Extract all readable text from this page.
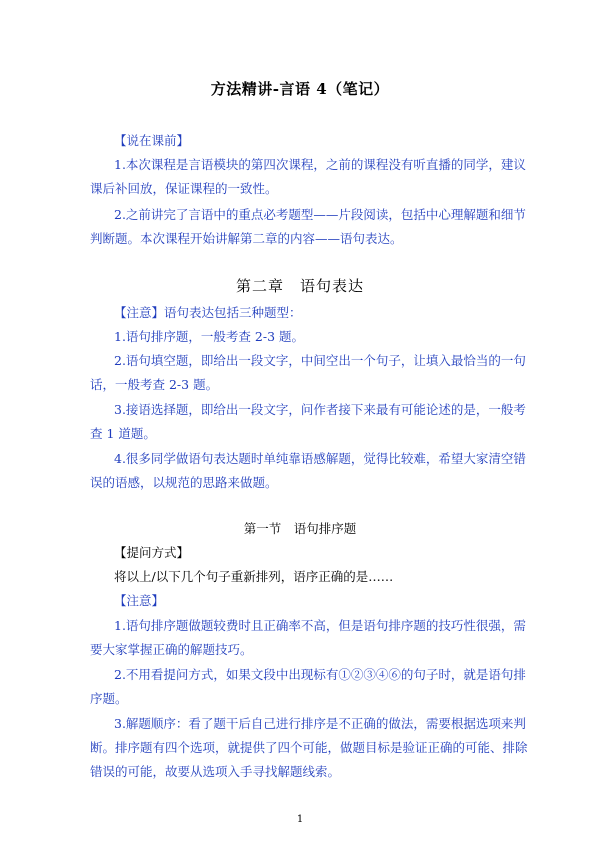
方法精讲-言语 4（笔记）
【说在课前】
1.本次课程是言语模块的第四次课程，之前的课程没有听直播的同学，建议
课后补回放，保证课程的一致性。
2.之前讲完了言语中的重点必考题型——片段阅读，包括中心理解题和细节
判断题。本次课程开始讲解第二章的内容——语句表达。
第二章　语句表达
【注意】语句表达包括三种题型：
1.语句排序题，一般考查 2-3 题。
2.语句填空题，即给出一段文字，中间空出一个句子，让填入最恰当的一句
话，一般考查 2-3 题。
3.接语选择题，即给出一段文字，问作者接下来最有可能论述的是，一般考
查 1 道题。
4.很多同学做语句表达题时单纯靠语感解题，觉得比较难，希望大家清空错
误的语感，以规范的思路来做题。
第一节　语句排序题
【提问方式】
将以上/以下几个句子重新排列，语序正确的是……
【注意】
1.语句排序题做题较费时且正确率不高，但是语句排序题的技巧性很强，需
要大家掌握正确的解题技巧。
2.不用看提问方式，如果文段中出现标有①②③④⑥的句子时，就是语句排
序题。
3.解题顺序：看了题干后自己进行排序是不正确的做法，需要根据选项来判
断。排序题有四个选项，就提供了四个可能，做题目标是验证正确的可能、排除
错误的可能，故要从选项入手寻找解题线索。
1
